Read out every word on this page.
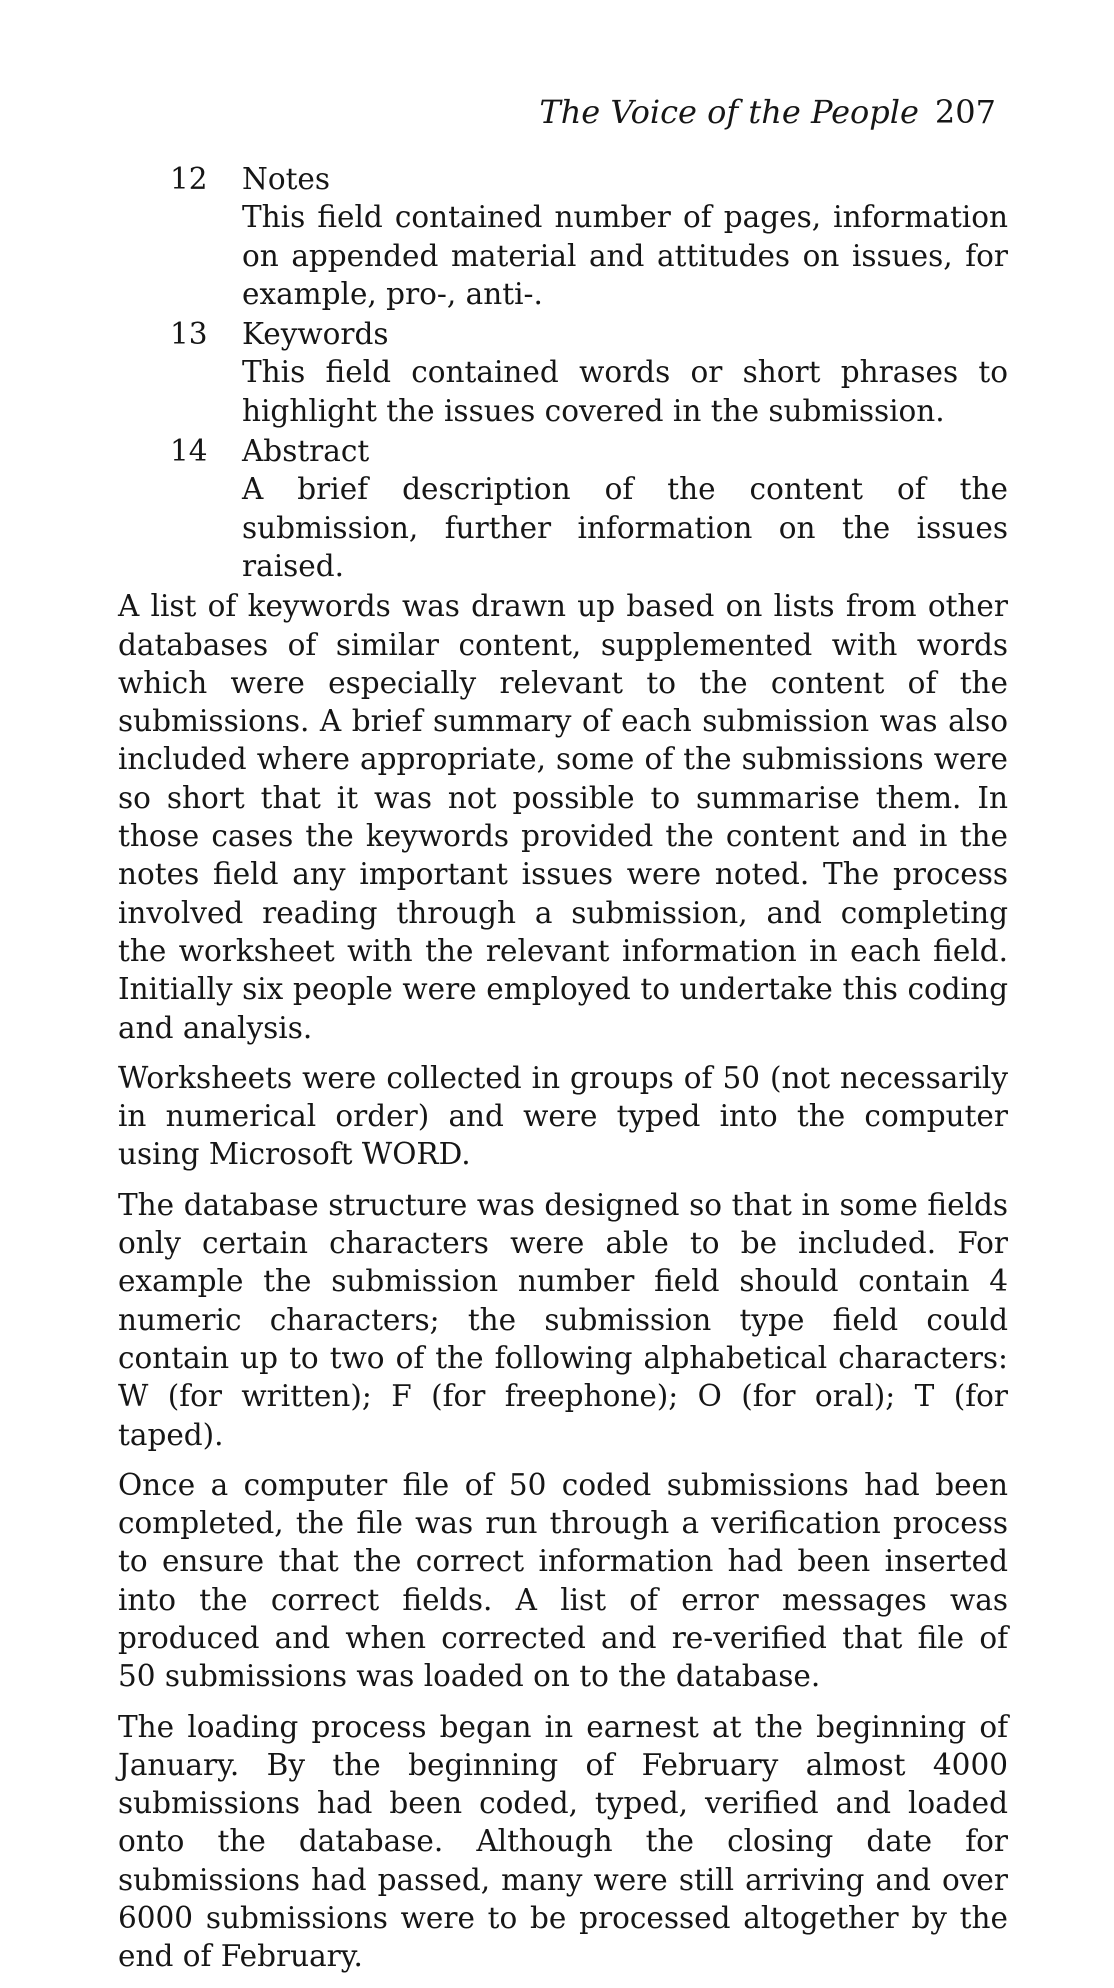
The Voice of the People 207
12 Notes
This field contained number of pages, information on appended material and attitudes on issues, for example, pro-, anti-.
13 Keywords
This field contained words or short phrases to highlight the issues covered in the submission.
14 Abstract
A brief description of the content of the submission, further information on the issues raised.

A list of keywords was drawn up based on lists from other databases of similar content, supplemented with words which were especially relevant to the content of the submissions. A brief summary of each submission was also included where appropriate, some of the submissions were so short that it was not possible to summarise them. In those cases the keywords provided the content and in the notes field any important issues were noted. The process involved reading through a submission, and completing the worksheet with the relevant information in each field. Initially six people were employed to undertake this coding and analysis.

Worksheets were collected in groups of 50 (not necessarily in numerical order) and were typed into the computer using Microsoft WORD.

The database structure was designed so that in some fields only certain characters were able to be included. For example the submission number field should contain 4 numeric characters; the submission type field could contain up to two of the following alphabetical characters: W (for written); F (for freephone); O (for oral); T (for taped).

Once a computer file of 50 coded submissions had been completed, the file was run through a verification process to ensure that the correct information had been inserted into the correct fields. A list of error messages was produced and when corrected and re-verified that file of 50 submissions was loaded on to the database.

The loading process began in earnest at the beginning of January. By the beginning of February almost 4000 submissions had been coded, typed, verified and loaded onto the database. Although the closing date for submissions had passed, many were still arriving and over 6000 submissions were to be processed altogether by the end of February.
